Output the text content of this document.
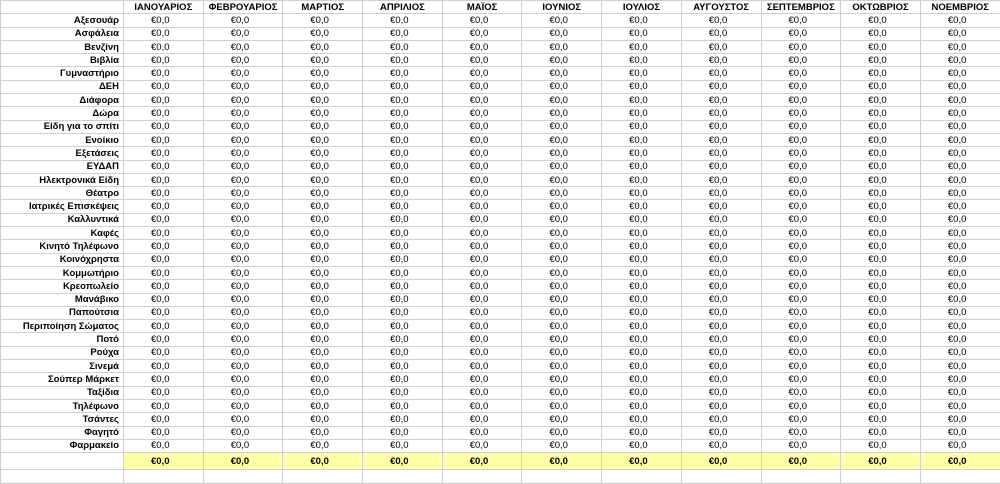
	ΙΑΝΟΥΑΡΙΟΣ	ΦΕΒΡΟΥΑΡΙΟΣ	ΜΑΡΤΙΟΣ	ΑΠΡΙΛΙΟΣ	ΜΑΪΟΣ	ΙΟΥΝΙΟΣ	ΙΟΥΛΙΟΣ	ΑΥΓΟΥΣΤΟΣ	ΣΕΠΤΕΜΒΡΙΟΣ	ΟΚΤΩΒΡΙΟΣ	ΝΟΕΜΒΡΙΟΣ
Αξεσουάρ	€0,0	€0,0	€0,0	€0,0	€0,0	€0,0	€0,0	€0,0	€0,0	€0,0	€0,0
Ασφάλεια	€0,0	€0,0	€0,0	€0,0	€0,0	€0,0	€0,0	€0,0	€0,0	€0,0	€0,0
Βενζίνη	€0,0	€0,0	€0,0	€0,0	€0,0	€0,0	€0,0	€0,0	€0,0	€0,0	€0,0
Βιβλία	€0,0	€0,0	€0,0	€0,0	€0,0	€0,0	€0,0	€0,0	€0,0	€0,0	€0,0
Γυμναστήριο	€0,0	€0,0	€0,0	€0,0	€0,0	€0,0	€0,0	€0,0	€0,0	€0,0	€0,0
ΔΕΗ	€0,0	€0,0	€0,0	€0,0	€0,0	€0,0	€0,0	€0,0	€0,0	€0,0	€0,0
Διάφορα	€0,0	€0,0	€0,0	€0,0	€0,0	€0,0	€0,0	€0,0	€0,0	€0,0	€0,0
Δώρα	€0,0	€0,0	€0,0	€0,0	€0,0	€0,0	€0,0	€0,0	€0,0	€0,0	€0,0
Είδη για το σπίτι	€0,0	€0,0	€0,0	€0,0	€0,0	€0,0	€0,0	€0,0	€0,0	€0,0	€0,0
Ενοίκιο	€0,0	€0,0	€0,0	€0,0	€0,0	€0,0	€0,0	€0,0	€0,0	€0,0	€0,0
Εξετάσεις	€0,0	€0,0	€0,0	€0,0	€0,0	€0,0	€0,0	€0,0	€0,0	€0,0	€0,0
ΕΥΔΑΠ	€0,0	€0,0	€0,0	€0,0	€0,0	€0,0	€0,0	€0,0	€0,0	€0,0	€0,0
Ηλεκτρονικά Είδη	€0,0	€0,0	€0,0	€0,0	€0,0	€0,0	€0,0	€0,0	€0,0	€0,0	€0,0
Θέατρο	€0,0	€0,0	€0,0	€0,0	€0,0	€0,0	€0,0	€0,0	€0,0	€0,0	€0,0
Ιατρικές Επισκέψεις	€0,0	€0,0	€0,0	€0,0	€0,0	€0,0	€0,0	€0,0	€0,0	€0,0	€0,0
Καλλυντικά	€0,0	€0,0	€0,0	€0,0	€0,0	€0,0	€0,0	€0,0	€0,0	€0,0	€0,0
Καφές	€0,0	€0,0	€0,0	€0,0	€0,0	€0,0	€0,0	€0,0	€0,0	€0,0	€0,0
Κινητό Τηλέφωνο	€0,0	€0,0	€0,0	€0,0	€0,0	€0,0	€0,0	€0,0	€0,0	€0,0	€0,0
Κοινόχρηστα	€0,0	€0,0	€0,0	€0,0	€0,0	€0,0	€0,0	€0,0	€0,0	€0,0	€0,0
Κομμωτήριο	€0,0	€0,0	€0,0	€0,0	€0,0	€0,0	€0,0	€0,0	€0,0	€0,0	€0,0
Κρεοπωλείο	€0,0	€0,0	€0,0	€0,0	€0,0	€0,0	€0,0	€0,0	€0,0	€0,0	€0,0
Μανάβικο	€0,0	€0,0	€0,0	€0,0	€0,0	€0,0	€0,0	€0,0	€0,0	€0,0	€0,0
Παπούτσια	€0,0	€0,0	€0,0	€0,0	€0,0	€0,0	€0,0	€0,0	€0,0	€0,0	€0,0
Περιποίηση Σώματος	€0,0	€0,0	€0,0	€0,0	€0,0	€0,0	€0,0	€0,0	€0,0	€0,0	€0,0
Ποτό	€0,0	€0,0	€0,0	€0,0	€0,0	€0,0	€0,0	€0,0	€0,0	€0,0	€0,0
Ρούχα	€0,0	€0,0	€0,0	€0,0	€0,0	€0,0	€0,0	€0,0	€0,0	€0,0	€0,0
Σινεμά	€0,0	€0,0	€0,0	€0,0	€0,0	€0,0	€0,0	€0,0	€0,0	€0,0	€0,0
Σούπερ Μάρκετ	€0,0	€0,0	€0,0	€0,0	€0,0	€0,0	€0,0	€0,0	€0,0	€0,0	€0,0
Ταξίδια	€0,0	€0,0	€0,0	€0,0	€0,0	€0,0	€0,0	€0,0	€0,0	€0,0	€0,0
Τηλέφωνο	€0,0	€0,0	€0,0	€0,0	€0,0	€0,0	€0,0	€0,0	€0,0	€0,0	€0,0
Τσάντες	€0,0	€0,0	€0,0	€0,0	€0,0	€0,0	€0,0	€0,0	€0,0	€0,0	€0,0
Φαγητό	€0,0	€0,0	€0,0	€0,0	€0,0	€0,0	€0,0	€0,0	€0,0	€0,0	€0,0
Φαρμακείο	€0,0	€0,0	€0,0	€0,0	€0,0	€0,0	€0,0	€0,0	€0,0	€0,0	€0,0
	€0,0	€0,0	€0,0	€0,0	€0,0	€0,0	€0,0	€0,0	€0,0	€0,0	€0,0
